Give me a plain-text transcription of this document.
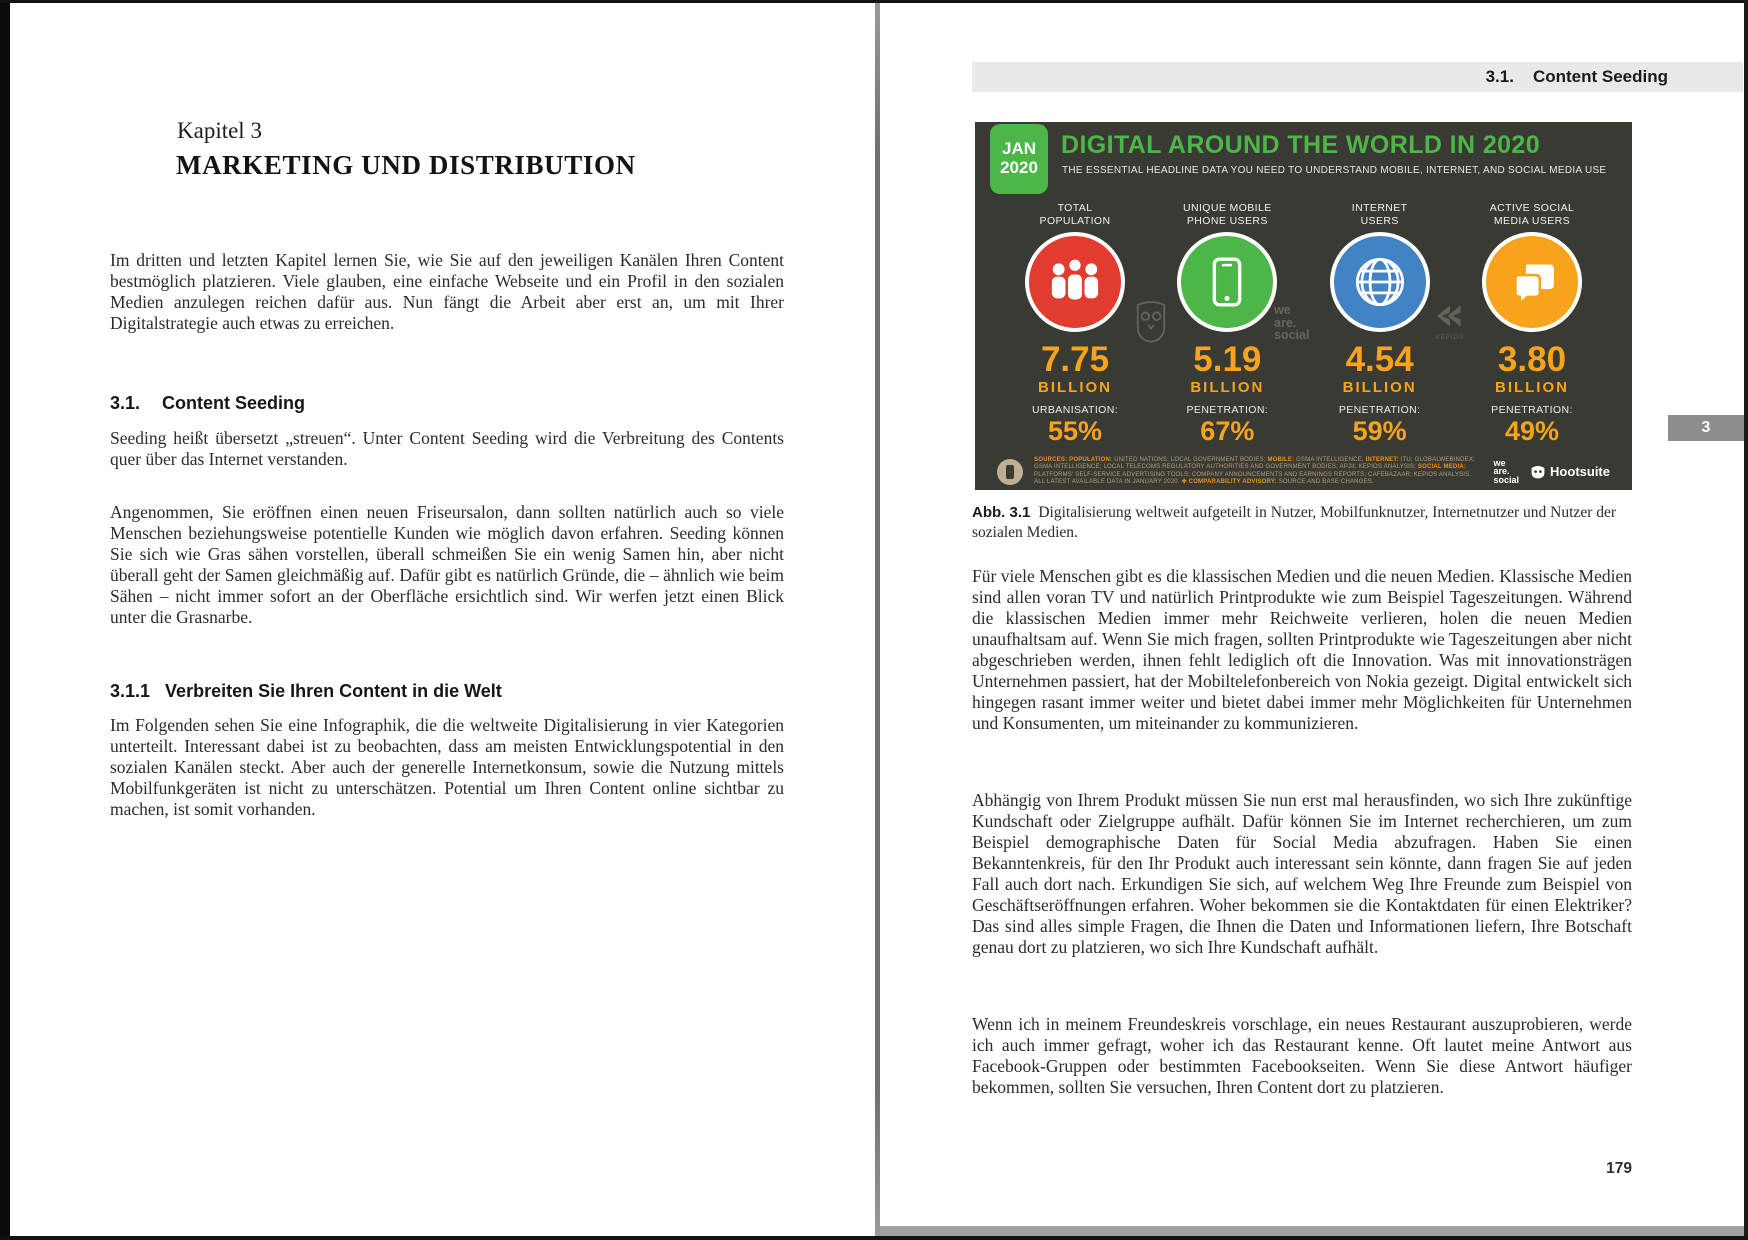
Kapitel 3
MARKETING UND DISTRIBUTION

Im dritten und letzten Kapitel lernen Sie, wie Sie auf den jeweiligen Kanälen Ihren Content bestmöglich platzieren. Viele glauben, eine einfache Webseite und ein Profil in den sozialen Medien anzulegen reichen dafür aus. Nun fängt die Arbeit aber erst an, um mit Ihrer Digitalstrategie auch etwas zu erreichen.

3.1. Content Seeding

Seeding heißt übersetzt „streuen“. Unter Content Seeding wird die Verbreitung des Contents quer über das Internet verstanden.

Angenommen, Sie eröffnen einen neuen Friseursalon, dann sollten natürlich auch so viele Menschen beziehungsweise potentielle Kunden wie möglich davon erfahren. Seeding können Sie sich wie Gras sähen vorstellen, überall schmeißen Sie ein wenig Samen hin, aber nicht überall geht der Samen gleichmäßig auf. Dafür gibt es natürlich Gründe, die – ähnlich wie beim Sähen – nicht immer sofort an der Oberfläche ersichtlich sind. Wir werfen jetzt einen Blick unter die Grasnarbe.

3.1.1 Verbreiten Sie Ihren Content in die Welt

Im Folgenden sehen Sie eine Infographik, die die weltweite Digitalisierung in vier Kategorien unterteilt. Interessant dabei ist zu beobachten, dass am meisten Entwicklungspotential in den sozialen Kanälen steckt. Aber auch der generelle Internetkonsum, sowie die Nutzung mittels Mobilfunkgeräten ist nicht zu unterschätzen. Potential um Ihren Content online sichtbar zu machen, ist somit vorhanden.

3.1. Content Seeding
3
JAN
2020
DIGITAL AROUND THE WORLD IN 2020
THE ESSENTIAL HEADLINE DATA YOU NEED TO UNDERSTAND MOBILE, INTERNET, AND SOCIAL MEDIA USE
TOTAL
POPULATION
7.75
BILLION
URBANISATION:
55%
UNIQUE MOBILE
PHONE USERS
5.19
BILLION
PENETRATION:
67%
INTERNET
USERS
4.54
BILLION
PENETRATION:
59%
ACTIVE SOCIAL
MEDIA USERS
3.80
BILLION
PENETRATION:
49%
we
are.
social	KEPIOS
SOURCES: POPULATION: UNITED NATIONS; LOCAL GOVERNMENT BODIES; MOBILE: GSMA INTELLIGENCE; INTERNET: ITU; GLOBALWEBINDEX; GSMA INTELLIGENCE; LOCAL TELECOMS REGULATORY AUTHORITIES AND GOVERNMENT BODIES; APJII; KEPIOS ANALYSIS; SOCIAL MEDIA: PLATFORMS' SELF-SERVICE ADVERTISING TOOLS; COMPANY ANNOUNCEMENTS AND EARNINGS REPORTS; CAFEBAZAAR; KEPIOS ANALYSIS. ALL LATEST AVAILABLE DATA IN JANUARY 2020. ✚ COMPARABILITY ADVISORY: SOURCE AND BASE CHANGES.
we
are.
social
Hootsuite
Abb. 3.1 Digitalisierung weltweit aufgeteilt in Nutzer, Mobilfunknutzer, Internetnutzer und Nutzer der sozialen Medien.

Für viele Menschen gibt es die klassischen Medien und die neuen Medien. Klassische Medien sind allen voran TV und natürlich Printprodukte wie zum Beispiel Tageszeitungen. Während die klassischen Medien immer mehr Reichweite verlieren, holen die neuen Medien unaufhaltsam auf. Wenn Sie mich fragen, sollten Printprodukte wie Tageszeitungen aber nicht abgeschrieben werden, ihnen fehlt lediglich oft die Innovation. Was mit innovationsträgen Unternehmen passiert, hat der Mobiltelefonbereich von Nokia gezeigt. Digital entwickelt sich hingegen rasant immer weiter und bietet dabei immer mehr Möglichkeiten für Unternehmen und Konsumenten, um miteinander zu kommunizieren.

Abhängig von Ihrem Produkt müssen Sie nun erst mal herausfinden, wo sich Ihre zukünftige Kundschaft oder Zielgruppe aufhält. Dafür können Sie im Internet recherchieren, um zum Beispiel demographische Daten für Social Media abzufragen. Haben Sie einen Bekanntenkreis, für den Ihr Produkt auch interessant sein könnte, dann fragen Sie auf jeden Fall auch dort nach. Erkundigen Sie sich, auf welchem Weg Ihre Freunde zum Beispiel von Geschäftseröffnungen erfahren. Woher bekommen sie die Kontaktdaten für einen Elektriker? Das sind alles simple Fragen, die Ihnen die Daten und Informationen liefern, Ihre Botschaft genau dort zu platzieren, wo sich Ihre Kundschaft aufhält.

Wenn ich in meinem Freundeskreis vorschlage, ein neues Restaurant auszuprobieren, werde ich auch immer gefragt, woher ich das Restaurant kenne. Oft lautet meine Antwort aus Facebook-Gruppen oder bestimmten Facebookseiten. Wenn Sie diese Antwort häufiger bekommen, sollten Sie versuchen, Ihren Content dort zu platzieren.

179
